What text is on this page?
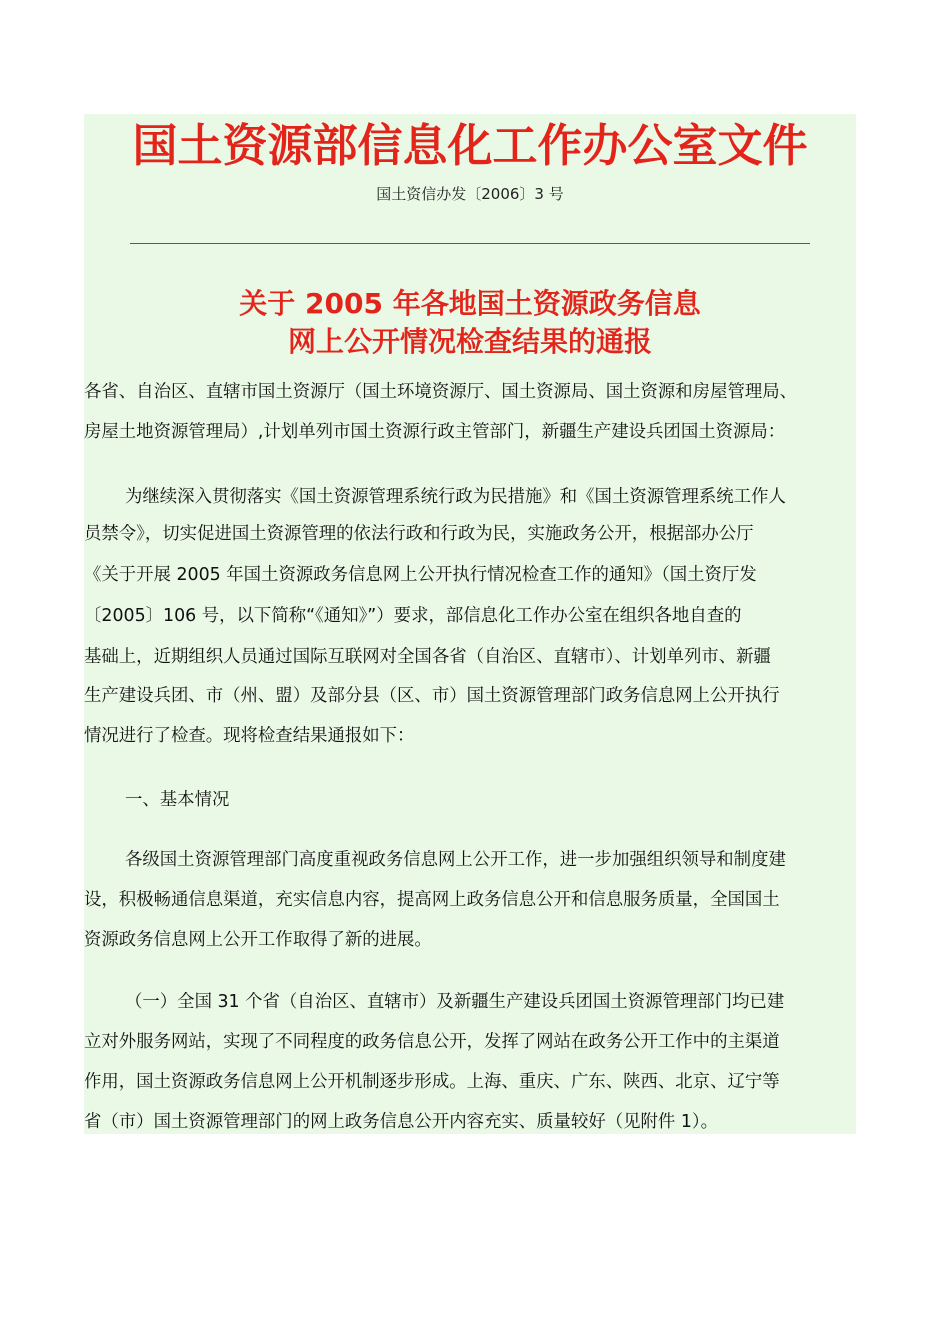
国土资源部信息化工作办公室文件
国土资信办发〔2006〕3 号
关于 2005 年各地国土资源政务信息
网上公开情况检查结果的通报
各省、自治区、直辖市国土资源厅（国土环境资源厅、国土资源局、国土资源和房屋管理局、
房屋土地资源管理局）,计划单列市国土资源行政主管部门，新疆生产建设兵团国土资源局：
为继续深入贯彻落实《国土资源管理系统行政为民措施》和《国土资源管理系统工作人
员禁令》，切实促进国土资源管理的依法行政和行政为民，实施政务公开，根据部办公厅
《关于开展 2005 年国土资源政务信息网上公开执行情况检查工作的通知》（国土资厅发
〔2005〕106 号，以下简称“《通知》”）要求，部信息化工作办公室在组织各地自查的
基础上，近期组织人员通过国际互联网对全国各省（自治区、直辖市）、计划单列市、新疆
生产建设兵团、市（州、盟）及部分县（区、市）国土资源管理部门政务信息网上公开执行
情况进行了检查。现将检查结果通报如下：
一、基本情况
各级国土资源管理部门高度重视政务信息网上公开工作，进一步加强组织领导和制度建
设，积极畅通信息渠道，充实信息内容，提高网上政务信息公开和信息服务质量，全国国土
资源政务信息网上公开工作取得了新的进展。
（一）全国 31 个省（自治区、直辖市）及新疆生产建设兵团国土资源管理部门均已建
立对外服务网站，实现了不同程度的政务信息公开，发挥了网站在政务公开工作中的主渠道
作用，国土资源政务信息网上公开机制逐步形成。上海、重庆、广东、陕西、北京、辽宁等
省（市）国土资源管理部门的网上政务信息公开内容充实、质量较好（见附件 1）。
